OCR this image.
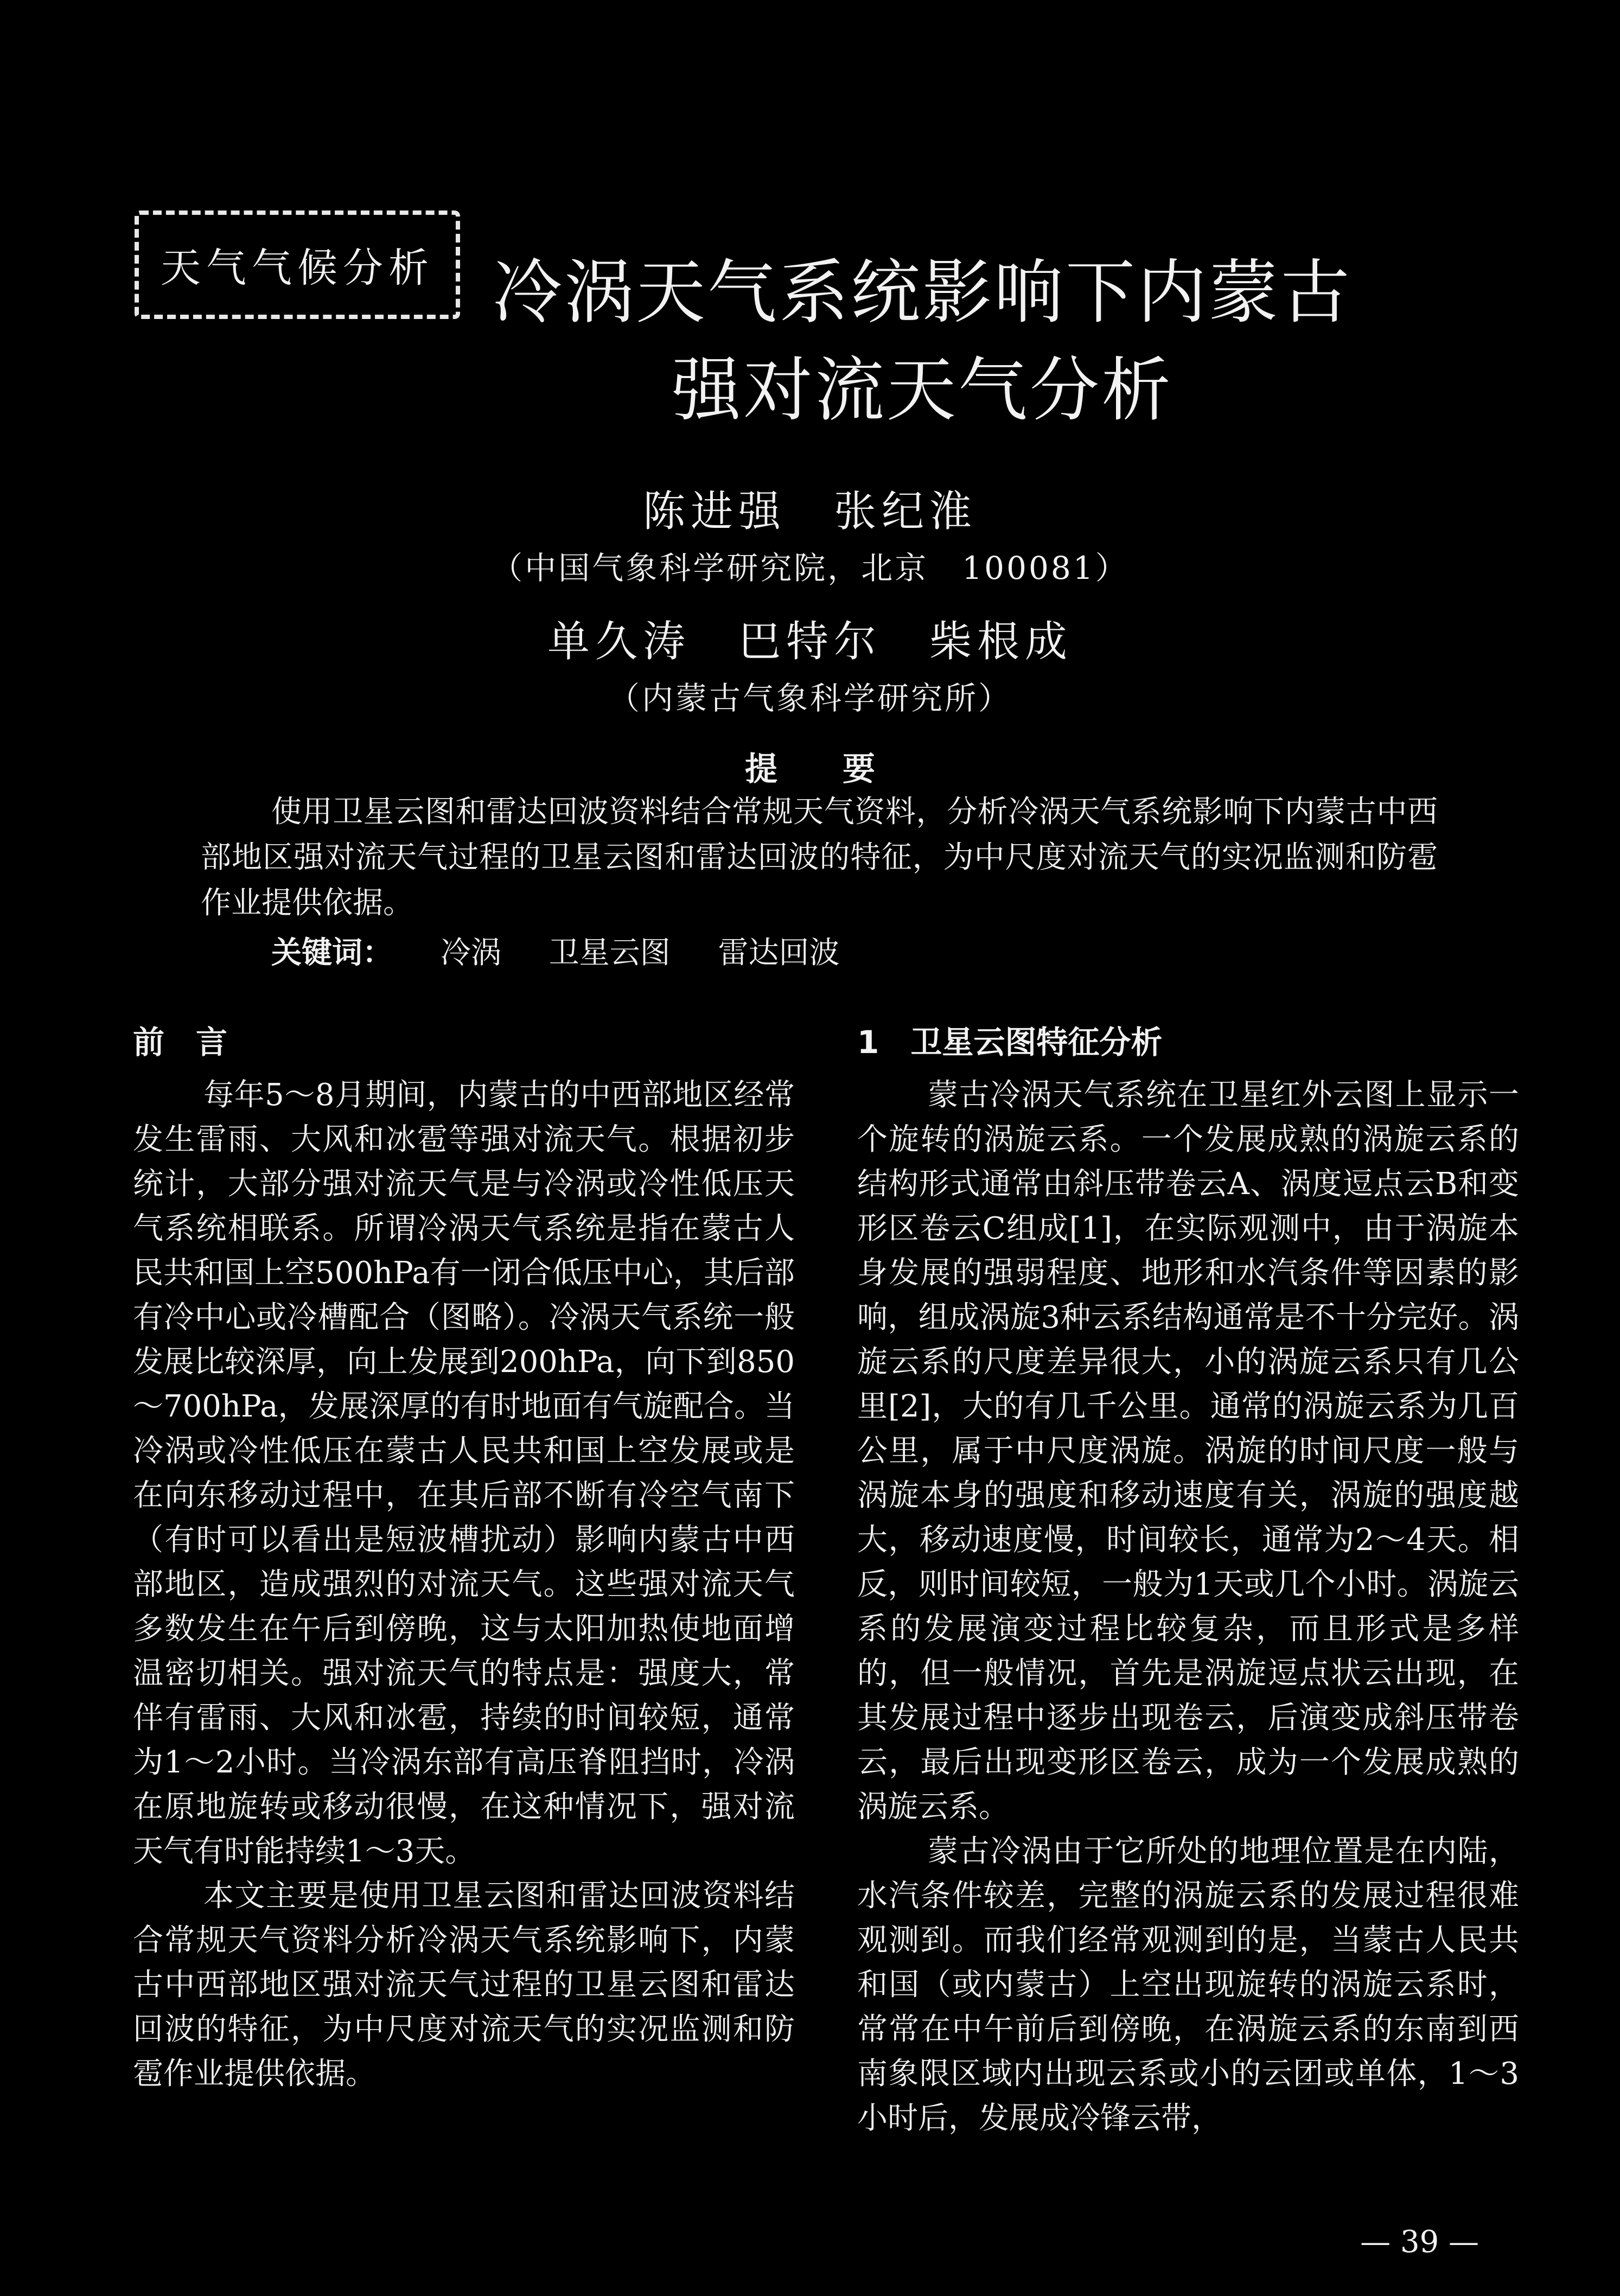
天气气候分析 冷涡天气系统影响下内蒙古
强对流天气分析
陈进强　张纪淮
（中国气象科学研究院，北京　100081）
单久涛　巴特尔　柴根成
（内蒙古气象科学研究所）
提要

使用卫星云图和雷达回波资料结合常规天气资料，分析冷涡天气系统影响下内蒙古中西部地区强对流天气过程的卫星云图和雷达回波的特征，为中尺度对流天气的实况监测和防雹作业提供依据。

关键词： 冷涡 卫星云图 雷达回波
前　言

每年5～8月期间，内蒙古的中西部地区经常发生雷雨、大风和冰雹等强对流天气。根据初步统计，大部分强对流天气是与冷涡或冷性低压天气系统相联系。所谓冷涡天气系统是指在蒙古人民共和国上空500hPa有一闭合低压中心，其后部有冷中心或冷槽配合（图略）。冷涡天气系统一般发展比较深厚，向上发展到200hPa，向下到850～700hPa，发展深厚的有时地面有气旋配合。当冷涡或冷性低压在蒙古人民共和国上空发展或是在向东移动过程中，在其后部不断有冷空气南下（有时可以看出是短波槽扰动）影响内蒙古中西部地区，造成强烈的对流天气。这些强对流天气多数发生在午后到傍晚，这与太阳加热使地面增温密切相关。强对流天气的特点是：强度大，常伴有雷雨、大风和冰雹，持续的时间较短，通常为1～2小时。当冷涡东部有高压脊阻挡时，冷涡在原地旋转或移动很慢，在这种情况下，强对流天气有时能持续1～3天。

本文主要是使用卫星云图和雷达回波资料结合常规天气资料分析冷涡天气系统影响下，内蒙古中西部地区强对流天气过程的卫星云图和雷达回波的特征，为中尺度对流天气的实况监测和防雹作业提供依据。

1　卫星云图特征分析

蒙古冷涡天气系统在卫星红外云图上显示一个旋转的涡旋云系。一个发展成熟的涡旋云系的结构形式通常由斜压带卷云A、涡度逗点云B和变形区卷云C组成[1]，在实际观测中，由于涡旋本身发展的强弱程度、地形和水汽条件等因素的影响，组成涡旋3种云系结构通常是不十分完好。涡旋云系的尺度差异很大，小的涡旋云系只有几公里[2]，大的有几千公里。通常的涡旋云系为几百公里，属于中尺度涡旋。涡旋的时间尺度一般与涡旋本身的强度和移动速度有关，涡旋的强度越大，移动速度慢，时间较长，通常为2～4天。相反，则时间较短，一般为1天或几个小时。涡旋云系的发展演变过程比较复杂，而且形式是多样的，但一般情况，首先是涡旋逗点状云出现，在其发展过程中逐步出现卷云，后演变成斜压带卷云，最后出现变形区卷云，成为一个发展成熟的涡旋云系。

蒙古冷涡由于它所处的地理位置是在内陆，水汽条件较差，完整的涡旋云系的发展过程很难观测到。而我们经常观测到的是，当蒙古人民共和国（或内蒙古）上空出现旋转的涡旋云系时，常常在中午前后到傍晚，在涡旋云系的东南到西南象限区域内出现云系或小的云团或单体，1～3小时后，发展成冷锋云带，

— 39 —
